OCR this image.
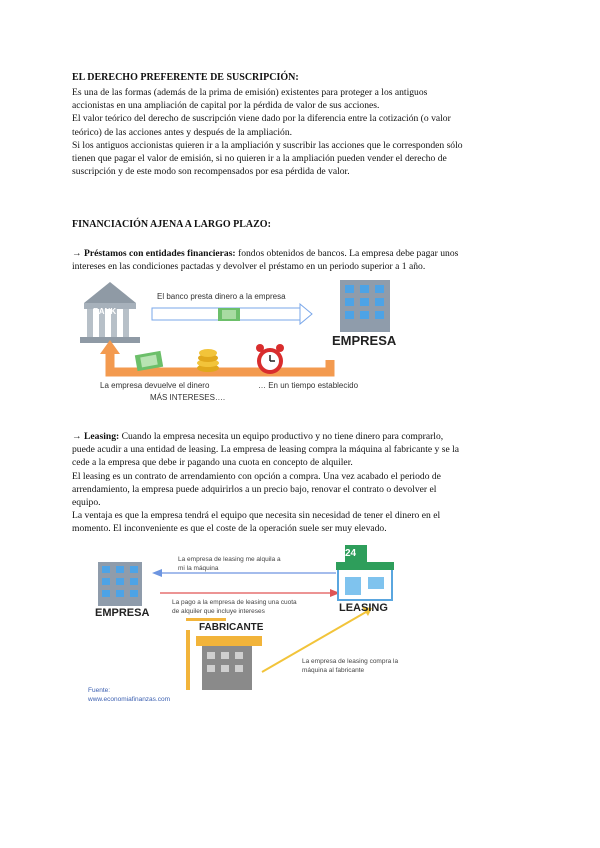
EL DERECHO PREFERENTE DE SUSCRIPCIÓN:
Es una de las formas (además de la prima de emisión) existentes para proteger a los antiguos
accionistas en una ampliación de capital por la pérdida de valor de sus acciones.
El valor teórico del derecho de suscripción viene dado por la diferencia entre la cotización (o valor
teórico) de las acciones antes y después de la ampliación.
Si los antiguos accionistas quieren ir a la ampliación y suscribir las acciones que le corresponden sólo
tienen que pagar el valor de emisión, si no quieren ir a la ampliación pueden vender el derecho de
suscripción y de este modo son recompensados por esa pérdida de valor.
FINANCIACIÓN AJENA A LARGO PLAZO:
→ Préstamos con entidades financieras: fondos obtenidos de bancos. La empresa debe pagar unos
intereses en las condiciones pactadas y devolver el préstamo en un periodo superior a 1 año.
BANK
El banco presta dinero a la empresa
EMPRESA
La empresa devuelve el dinero
MÁS INTERESES….
… En un tiempo establecido
→ Leasing: Cuando la empresa necesita un equipo productivo y no tiene dinero para comprarlo,
puede acudir a una entidad de leasing. La empresa de leasing compra la máquina al fabricante y se la
cede a la empresa que debe ir pagando una cuota en concepto de alquiler.
El leasing es un contrato de arrendamiento con opción a compra. Una vez acabado el periodo de
arrendamiento, la empresa puede adquirirlos a un precio bajo, renovar el contrato o devolver el
equipo.
La ventaja es que la empresa tendrá el equipo que necesita sin necesidad de tener el dinero en el
momento. El inconveniente es que el coste de la operación suele ser muy elevado.
24
EMPRESA	LEASING
FABRICANTE
La empresa de leasing me alquila a
mi la máquina
La pago a la empresa de leasing una cuota
de alquiler que incluye intereses
La empresa de leasing compra la
máquina al fabricante
Fuente:
www.economiafinanzas.com
